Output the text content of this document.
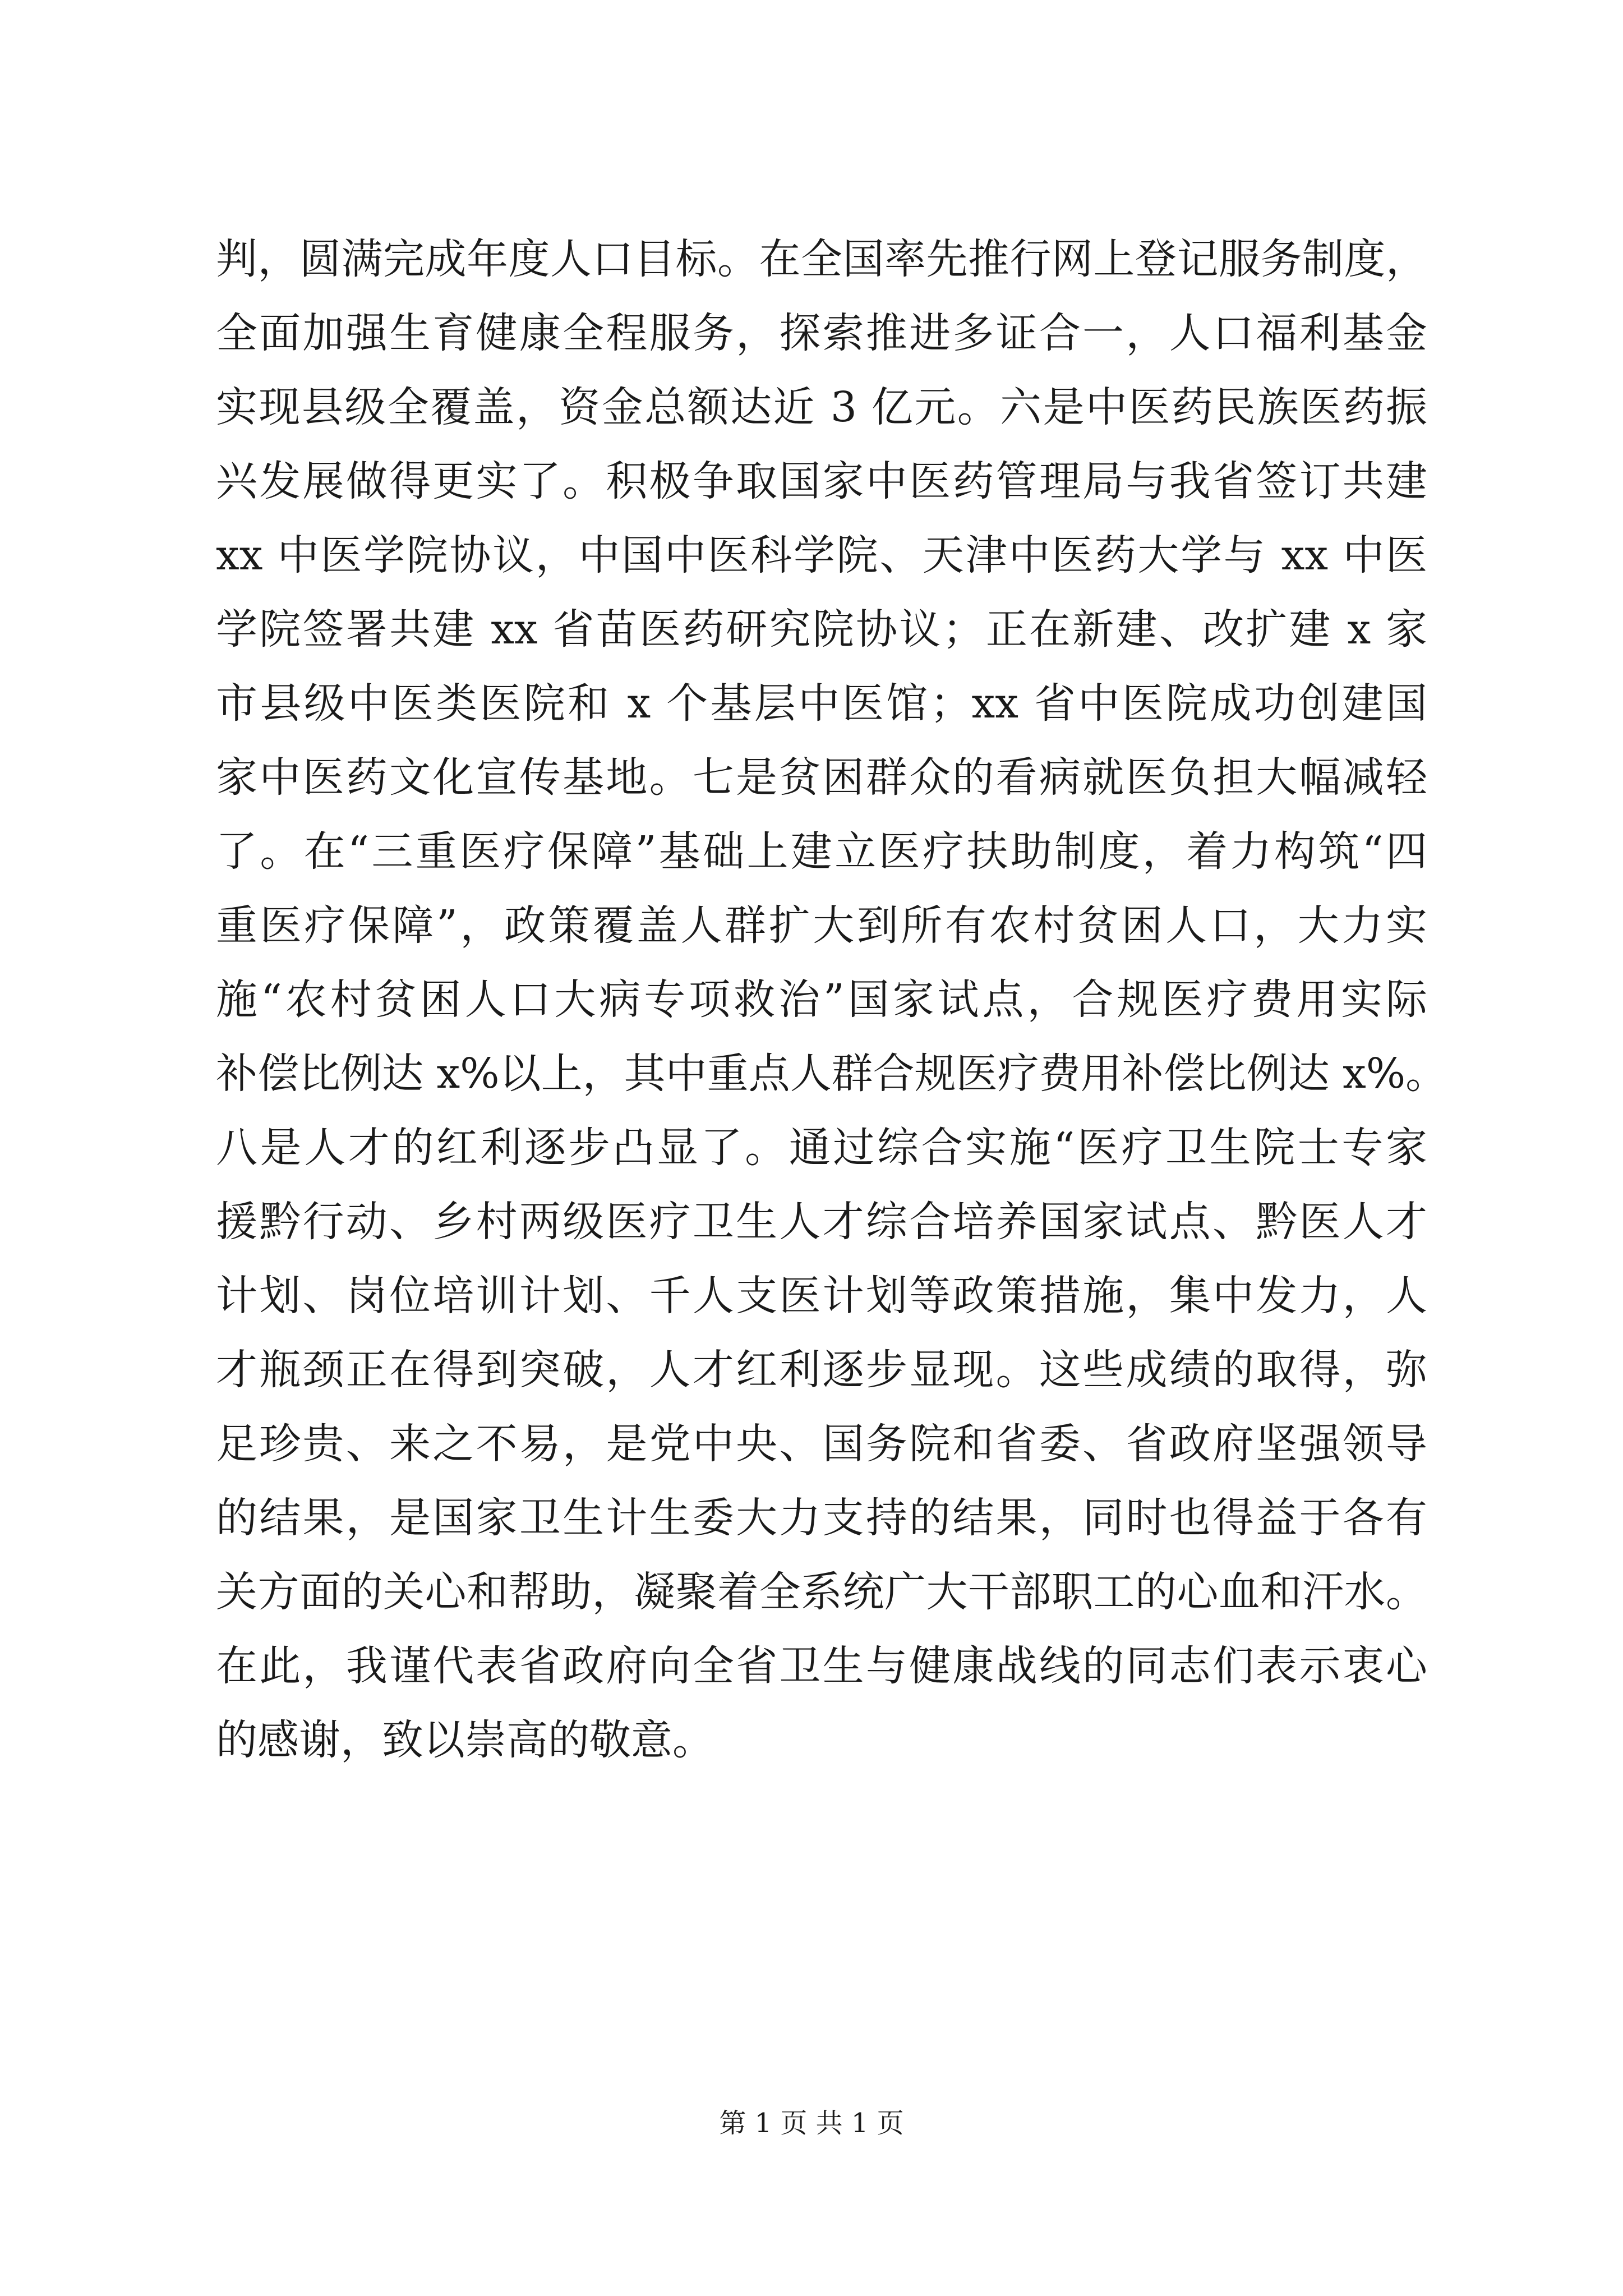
判，圆满完成年度人口目标。在全国率先推行网上登记服务制度，
全面加强生育健康全程服务，探索推进多证合一，人口福利基金
实现县级全覆盖，资金总额达近 3 亿元。六是中医药民族医药振
兴发展做得更实了。积极争取国家中医药管理局与我省签订共建
xx 中医学院协议，中国中医科学院、天津中医药大学与 xx 中医
学院签署共建 xx 省苗医药研究院协议；正在新建、改扩建 x 家
市县级中医类医院和 x 个基层中医馆；xx 省中医院成功创建国
家中医药文化宣传基地。七是贫困群众的看病就医负担大幅减轻
了。在“三重医疗保障”基础上建立医疗扶助制度，着力构筑“四
重医疗保障”，政策覆盖人群扩大到所有农村贫困人口，大力实
施“农村贫困人口大病专项救治”国家试点，合规医疗费用实际
补偿比例达 x%以上，其中重点人群合规医疗费用补偿比例达 x%。
八是人才的红利逐步凸显了。通过综合实施“医疗卫生院士专家
援黔行动、乡村两级医疗卫生人才综合培养国家试点、黔医人才
计划、岗位培训计划、千人支医计划等政策措施，集中发力，人
才瓶颈正在得到突破，人才红利逐步显现。这些成绩的取得，弥
足珍贵、来之不易，是党中央、国务院和省委、省政府坚强领导
的结果，是国家卫生计生委大力支持的结果，同时也得益于各有
关方面的关心和帮助，凝聚着全系统广大干部职工的心血和汗水。
在此，我谨代表省政府向全省卫生与健康战线的同志们表示衷心
的感谢，致以崇高的敬意。
第 1 页 共 1 页
